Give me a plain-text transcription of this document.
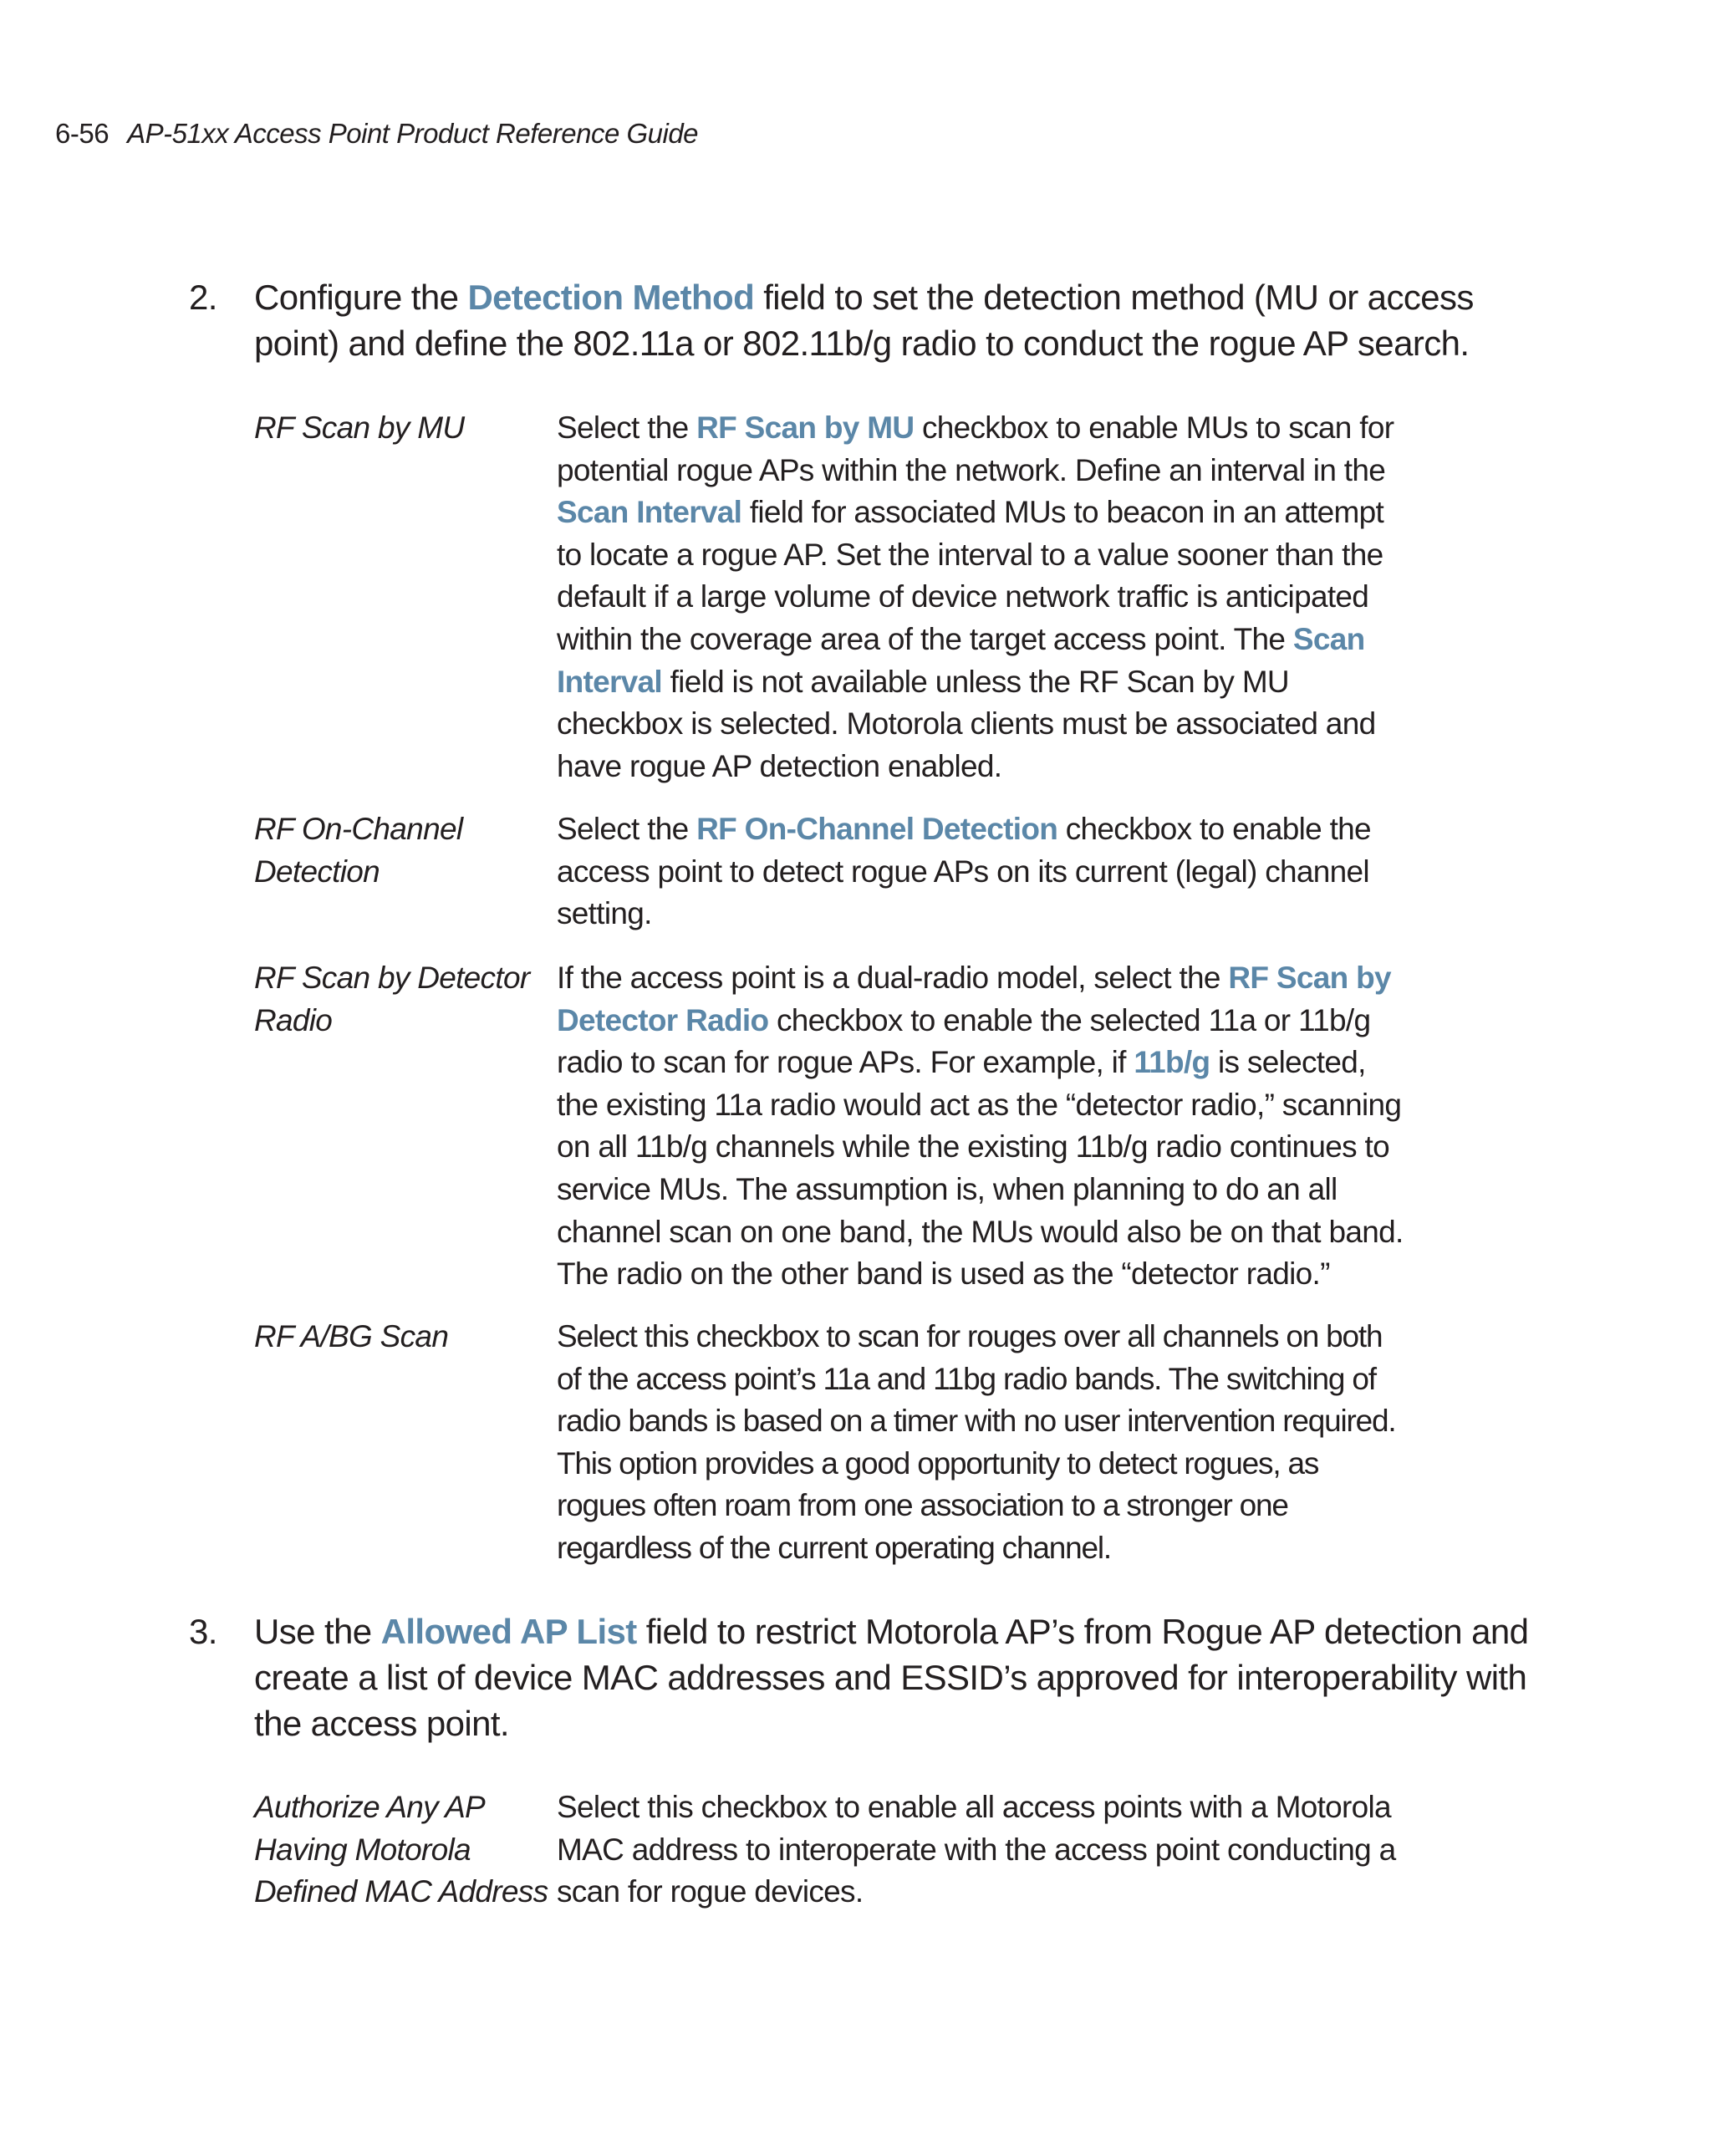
6-56 AP-51xx Access Point Product Reference Guide
2. Configure the Detection Method field to set the detection method (MU or access point) and define the 802.11a or 802.11b/g radio to conduct the rogue AP search.
RF Scan by MU	Select the RF Scan by MU checkbox to enable MUs to scan for potential rogue APs within the network. Define an interval in the Scan Interval field for associated MUs to beacon in an attempt to locate a rogue AP. Set the interval to a value sooner than the default if a large volume of device network traffic is anticipated within the coverage area of the target access point. The Scan Interval field is not available unless the RF Scan by MU checkbox is selected. Motorola clients must be associated and have rogue AP detection enabled.
RF On-Channel
Detection
Select the RF On-Channel Detection checkbox to enable the access point to detect rogue APs on its current (legal) channel setting.
RF Scan by Detector
Radio
If the access point is a dual-radio model, select the RF Scan by Detector Radio checkbox to enable the selected 11a or 11b/g radio to scan for rogue APs. For example, if 11b/g is selected, the existing 11a radio would act as the “detector radio,” scanning on all 11b/g channels while the existing 11b/g radio continues to service MUs. The assumption is, when planning to do an all channel scan on one band, the MUs would also be on that band. The radio on the other band is used as the “detector radio.”
RF A/BG Scan	Select this checkbox to scan for rouges over all channels on both of the access point’s 11a and 11bg radio bands. The switching of radio bands is based on a timer with no user intervention required. This option provides a good opportunity to detect rogues, as rogues often roam from one association to a stronger one regardless of the current operating channel.
3. Use the Allowed AP List field to restrict Motorola AP’s from Rogue AP detection and create a list of device MAC addresses and ESSID’s approved for interoperability with the access point.
Authorize Any AP
Having Motorola
Defined MAC Address
Select this checkbox to enable all access points with a Motorola MAC address to interoperate with the access point conducting a scan for rogue devices.
